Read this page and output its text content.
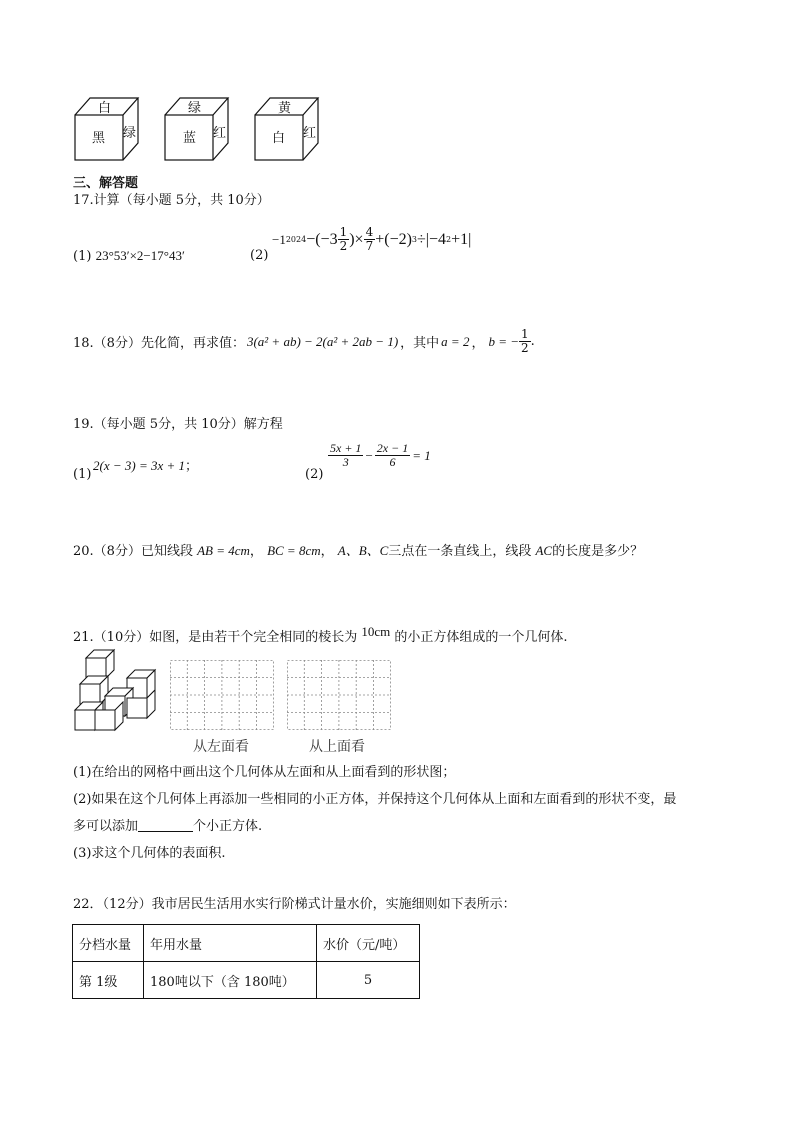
白
黑 绿
绿
蓝 红
黄
白 红
三、解答题
17.计算（每小题 5分，共 10分）
(1) 23°53′×2−17°43′	(2)
−1 $2024 -(-3 \frac{1}{2}$ )× $\frac{4}{7} +(-2)$ 3 ÷|−4 2 +1|
18.（8分）先化简，再求值： 3(a² + ab) − 2(a² + 2ab − 1) ，其中 a = 2 ， b = − $\frac{1}{2}$ .
19.（每小题 5分，共 10分）解方程
(1)
2(x − 3) = 3x + 1；
(2)
$\frac{5x + 1}{3} - \frac{2x - 1}{6} = 1$
20.（8分）已知线段 AB = 4cm， BC = 8cm， A、B、C三点在一条直线上，线段 AC的长度是多少？
21.（10分）如图，是由若干个完全相同的棱长为 10cm 的小正方体组成的一个几何体.
从左面看	从上面看
(1)在给出的网格中画出这个几何体从左面和从上面看到的形状图；
(2)如果在这个几何体上再添加一些相同的小正方体，并保持这个几何体从上面和左面看到的形状不变，最
多可以添加	个小正方体.
(3)求这个几何体的表面积.
22．（12分）我市居民生活用水实行阶梯式计量水价，实施细则如下表所示：
分档水量	年用水量	水价（元/吨）
第 1级	180吨以下（含 180吨）	5
